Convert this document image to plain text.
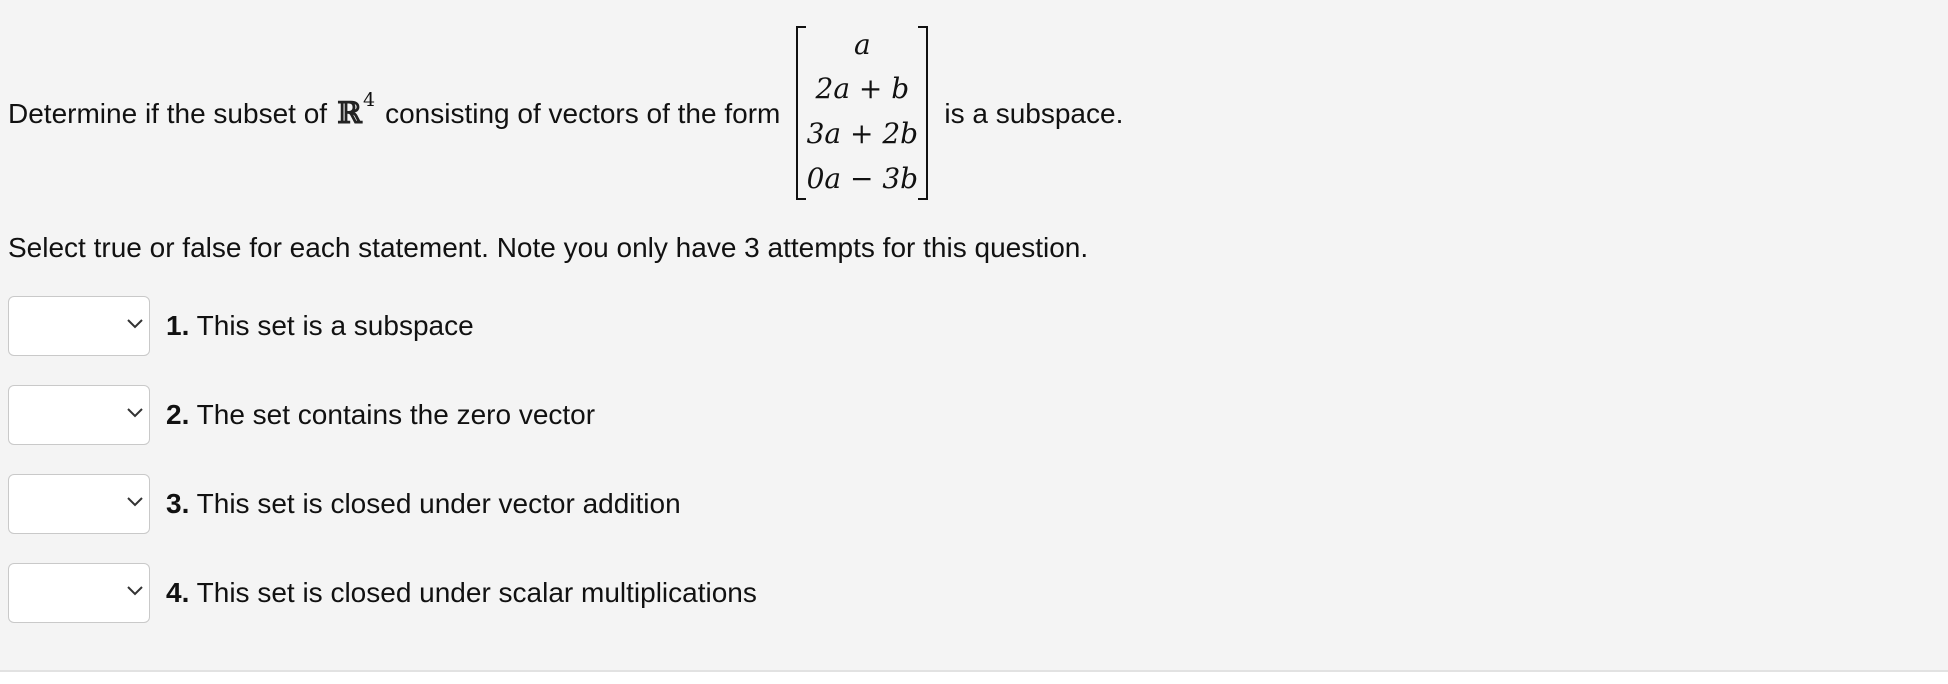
Determine if the subset of ℝ 4 consisting of vectors of the form
a
2a + b
3a + 2b
0a − 3b
is a subspace.
Select true or false for each statement. Note you only have 3 attempts for this question.
1. This set is a subspace
2. The set contains the zero vector
3. This set is closed under vector addition
4. This set is closed under scalar multiplications
